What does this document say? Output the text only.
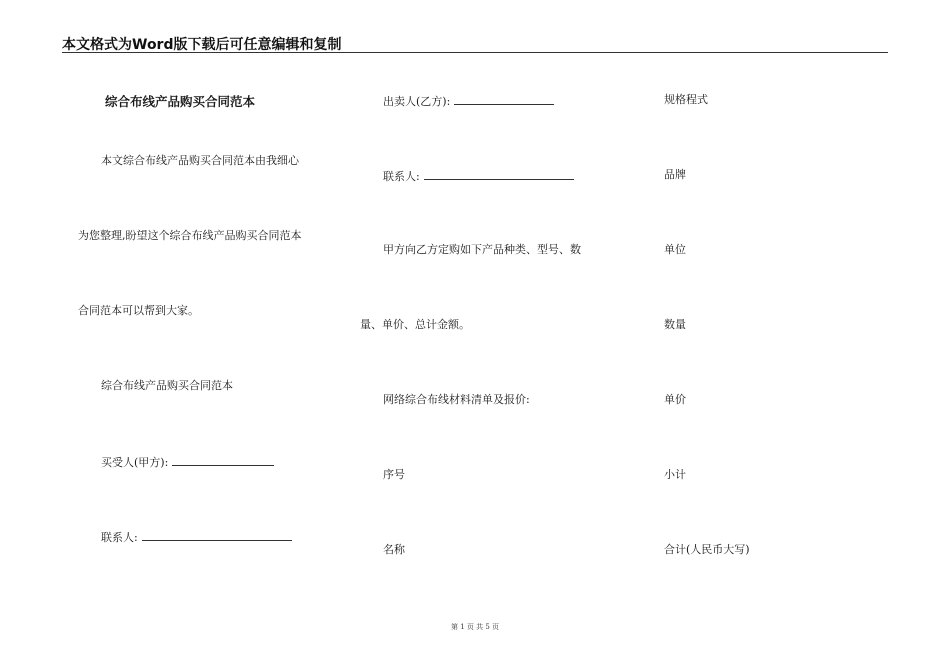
本文格式为Word版下载后可任意编辑和复制
综合布线产品购买合同范本
本文综合布线产品购买合同范本由我细心
为您整理,盼望这个综合布线产品购买合同范本
合同范本可以帮到大家。
综合布线产品购买合同范本
买受人(甲方):
联系人:
出卖人(乙方):
联系人:
甲方向乙方定购如下产品种类、型号、数
量、单价、总计金额。
网络综合布线材料清单及报价:
序号
名称
规格程式
品牌
单位
数量
单价
小计
合计(人民币大写)
第 1 页 共 5 页
